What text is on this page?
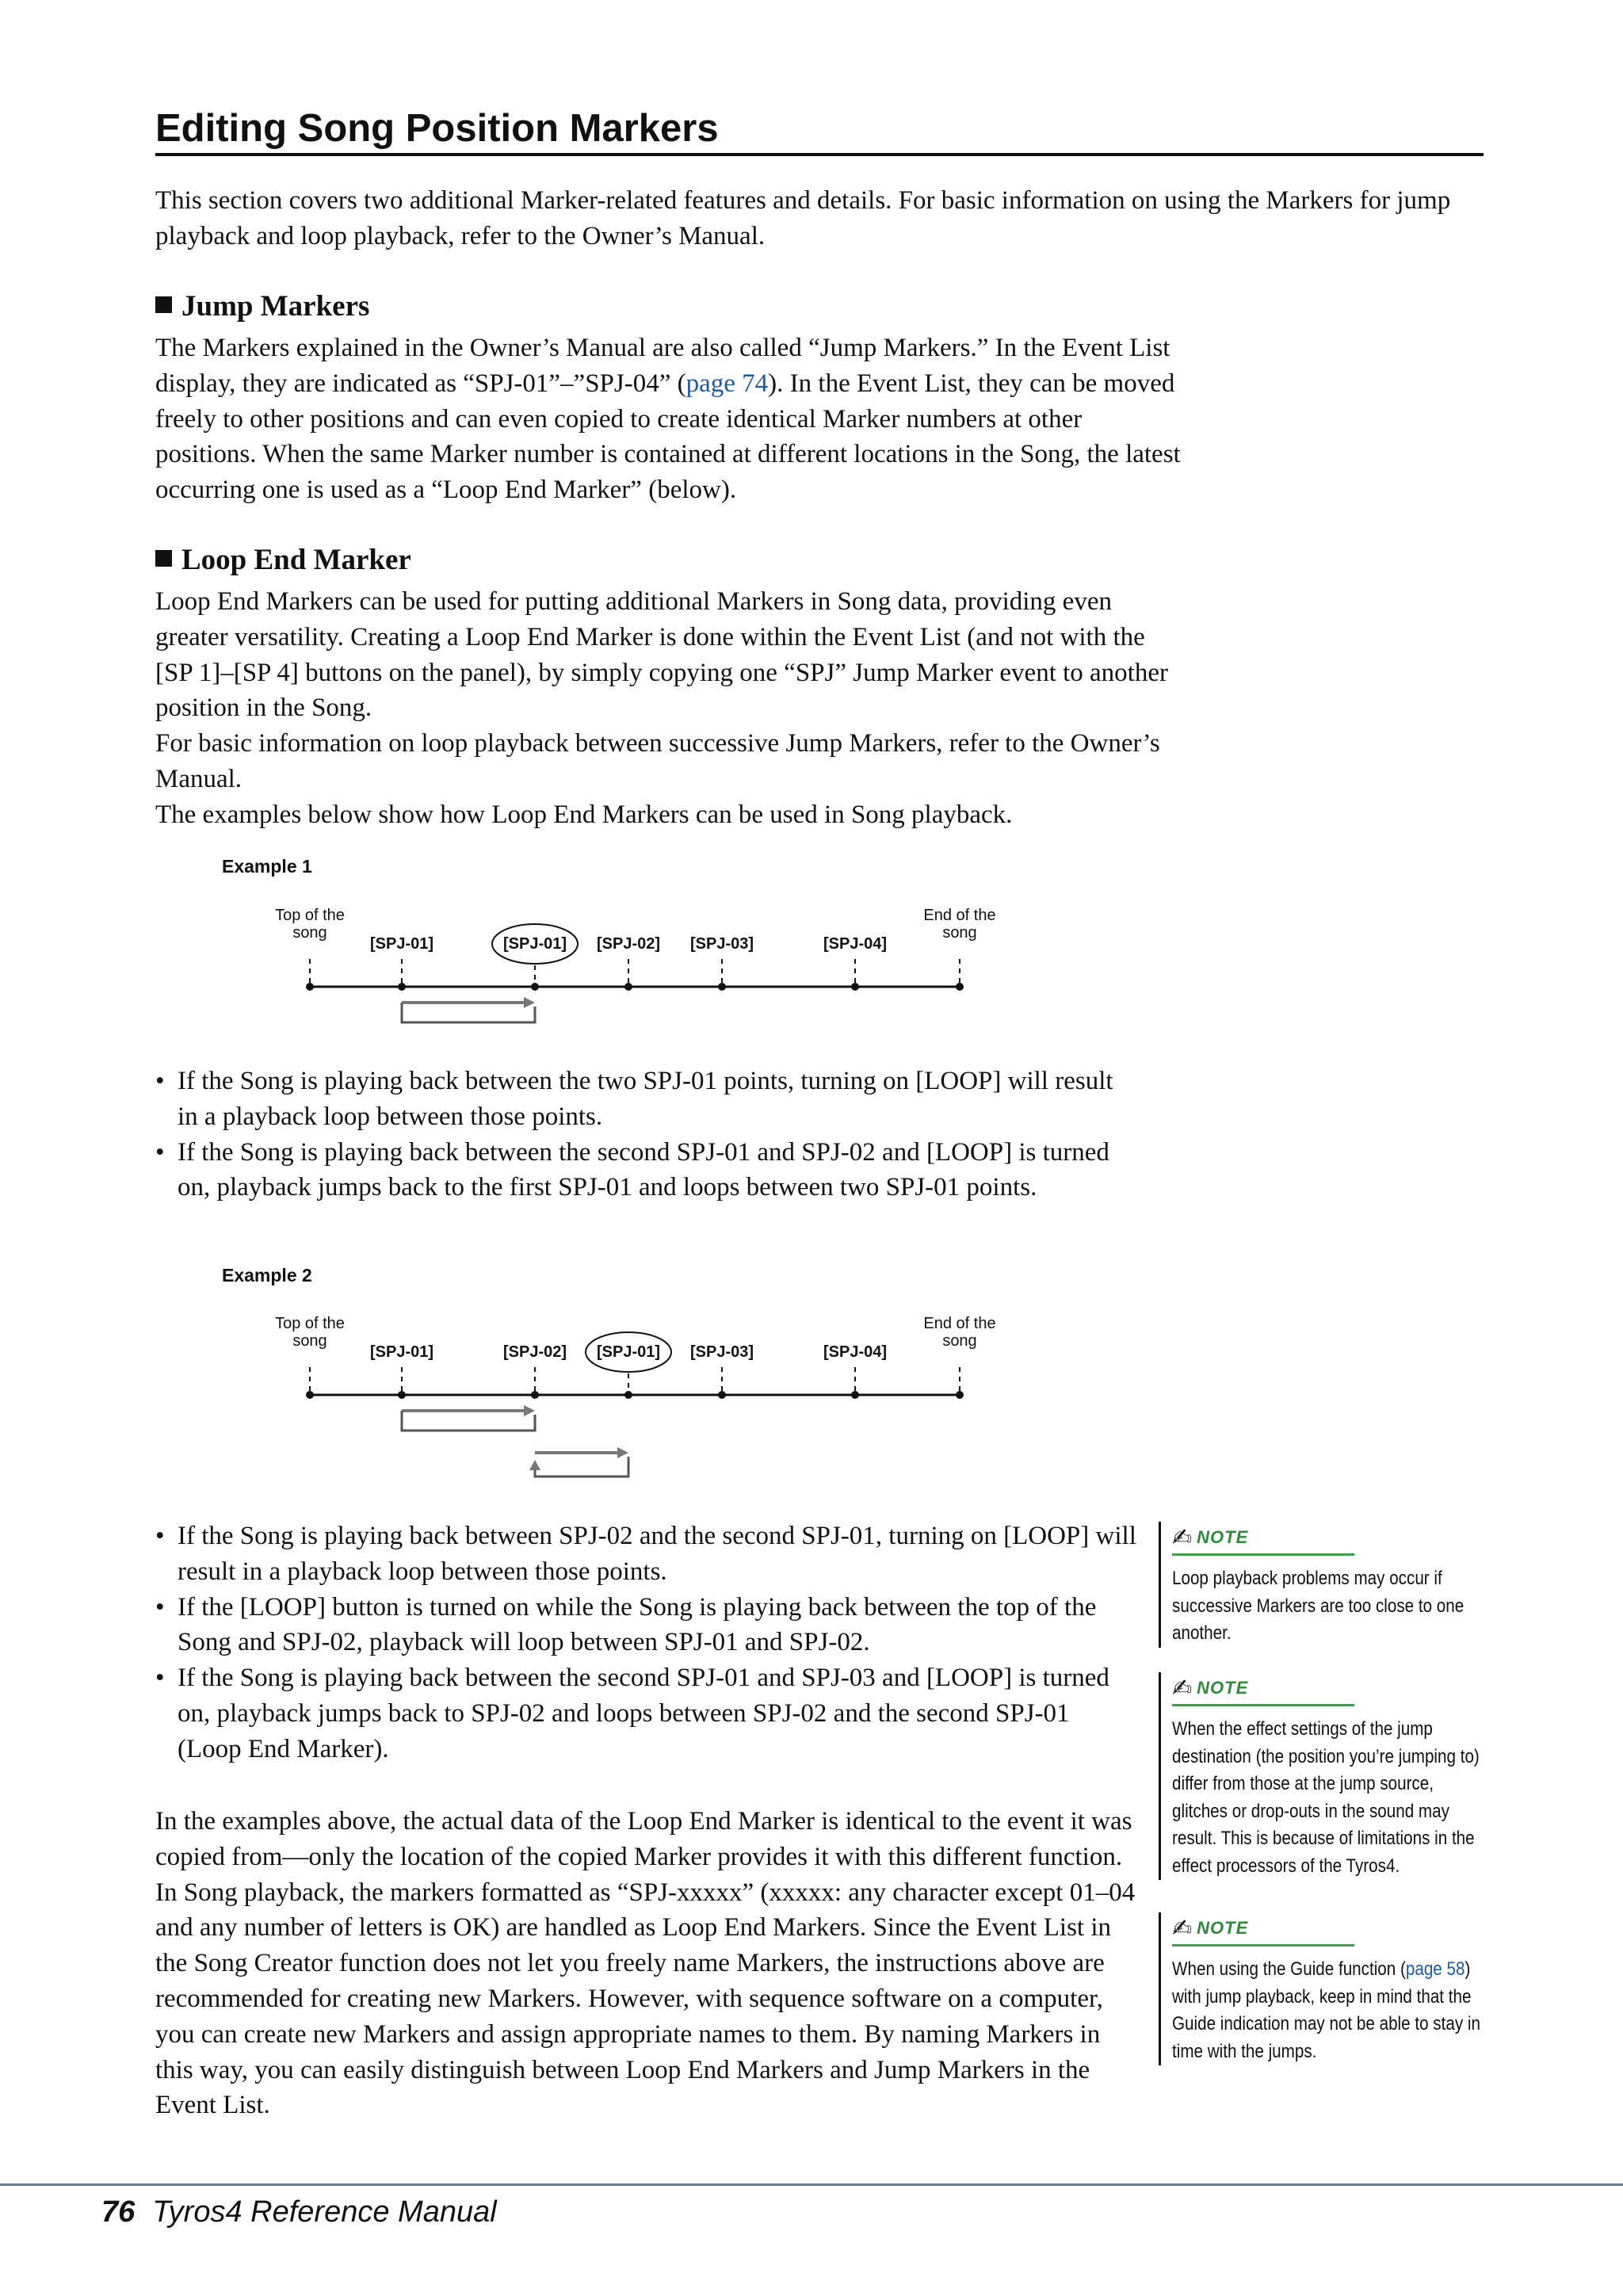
Editing Song Position Markers

This section covers two additional Marker-related features and details. For basic information on using the Markers for jump playback and loop playback, refer to the Owner’s Manual.

Jump Markers

The Markers explained in the Owner’s Manual are also called “Jump Markers.” In the Event List display, they are indicated as “SPJ-01”–”SPJ-04” (page 74). In the Event List, they can be moved freely to other positions and can even copied to create identical Marker numbers at other positions. When the same Marker number is contained at different locations in the Song, the latest occurring one is used as a “Loop End Marker” (below).

Loop End Marker

Loop End Markers can be used for putting additional Markers in Song data, providing even greater versatility. Creating a Loop End Marker is done within the Event List (and not with the [SP 1]–[SP 4] buttons on the panel), by simply copying one “SPJ” Jump Marker event to another position in the Song.

For basic information on loop playback between successive Jump Markers, refer to the Owner’s Manual.

The examples below show how Loop End Markers can be used in Song playback.

Example 1
Top of the
song
End of the
song
[SPJ-01]	[SPJ-01] [SPJ-02] [SPJ-03]	[SPJ-04]
• If the Song is playing back between the two SPJ-01 points, turning on [LOOP] will result in a playback loop between those points.
• If the Song is playing back between the second SPJ-01 and SPJ-02 and [LOOP] is turned on, playback jumps back to the first SPJ-01 and loops between two SPJ-01 points.
Example 2
Top of the
song
End of the
song
[SPJ-01]	[SPJ-02] [SPJ-01] [SPJ-03]	[SPJ-04]
• If the Song is playing back between SPJ-02 and the second SPJ-01, turning on [LOOP] will result in a playback loop between those points.
• If the [LOOP] button is turned on while the Song is playing back between the top of the Song and SPJ-02, playback will loop between SPJ-01 and SPJ-02.
• If the Song is playing back between the second SPJ-01 and SPJ-03 and [LOOP] is turned on, playback jumps back to SPJ-02 and loops between SPJ-02 and the second SPJ-01 (Loop End Marker).

In the examples above, the actual data of the Loop End Marker is identical to the event it was copied from—only the location of the copied Marker provides it with this different function.

In Song playback, the markers formatted as “SPJ-xxxxx” (xxxxx: any character except 01–04 and any number of letters is OK) are handled as Loop End Markers. Since the Event List in the Song Creator function does not let you freely name Markers, the instructions above are recommended for creating new Markers. However, with sequence software on a computer, you can create new Markers and assign appropriate names to them. By naming Markers in this way, you can easily distinguish between Loop End Markers and Jump Markers in the Event List.

✍ NOTE

Loop playback problems may occur if successive Markers are too close to one another.

✍ NOTE

When the effect settings of the jump destination (the position you’re jumping to) differ from those at the jump source, glitches or drop-outs in the sound may result. This is because of limitations in the effect processors of the Tyros4.

✍ NOTE

When using the Guide function (page 58) with jump playback, keep in mind that the Guide indication may not be able to stay in time with the jumps.

76 Tyros4 Reference Manual
